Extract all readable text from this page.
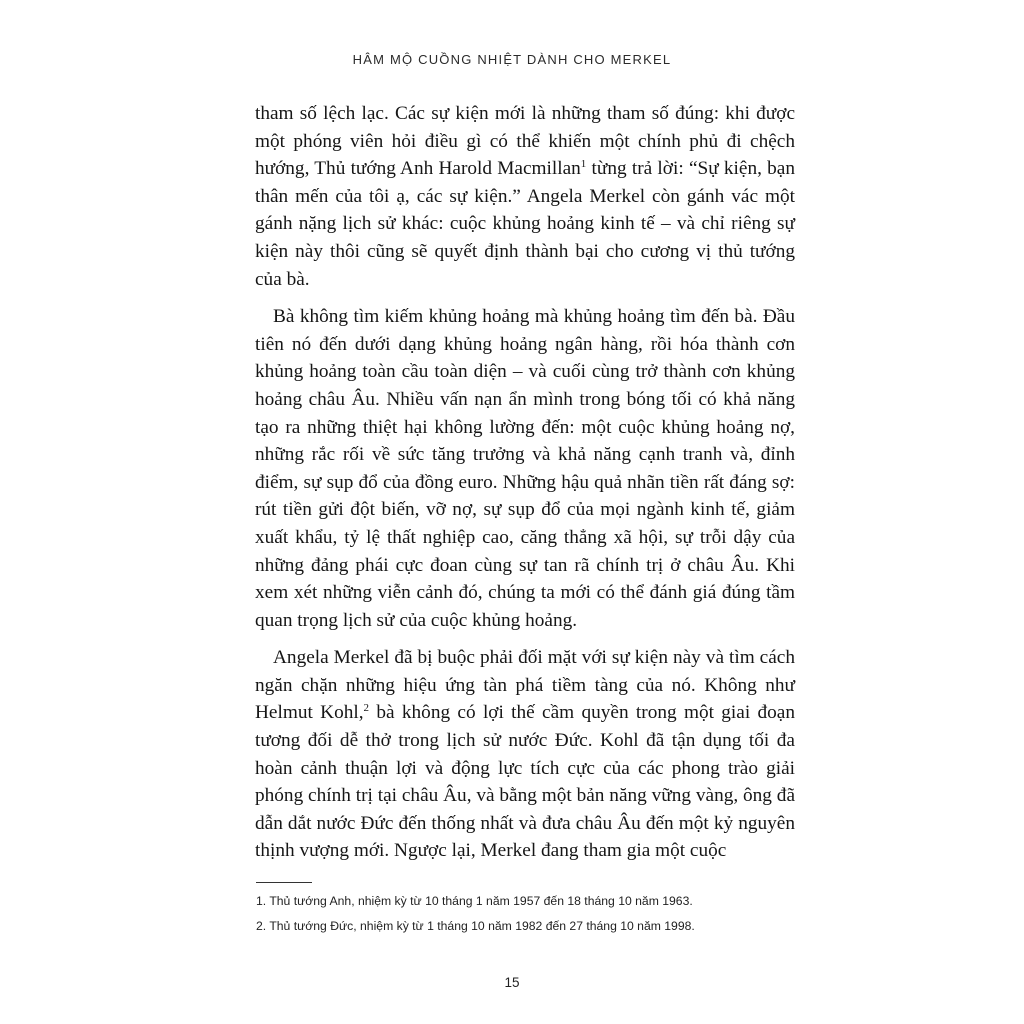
HÂM MỘ CUỒNG NHIỆT DÀNH CHO MERKEL

tham số lệch lạc. Các sự kiện mới là những tham số đúng: khi được một phóng viên hỏi điều gì có thể khiến một chính phủ đi chệch hướng, Thủ tướng Anh Harold Macmillan$^1$ từng trả lời: “Sự kiện, bạn thân mến của tôi ạ, các sự kiện.” Angela Merkel còn gánh vác một gánh nặng lịch sử khác: cuộc khủng hoảng kinh tế – và chỉ riêng sự kiện này thôi cũng sẽ quyết định thành bại cho cương vị thủ tướng của bà.

Bà không tìm kiếm khủng hoảng mà khủng hoảng tìm đến bà. Đầu tiên nó đến dưới dạng khủng hoảng ngân hàng, rồi hóa thành cơn khủng hoảng toàn cầu toàn diện – và cuối cùng trở thành cơn khủng hoảng châu Âu. Nhiều vấn nạn ẩn mình trong bóng tối có khả năng tạo ra những thiệt hại không lường đến: một cuộc khủng hoảng nợ, những rắc rối về sức tăng trưởng và khả năng cạnh tranh và, đỉnh điểm, sự sụp đổ của đồng euro. Những hậu quả nhãn tiền rất đáng sợ: rút tiền gửi đột biến, vỡ nợ, sự sụp đổ của mọi ngành kinh tế, giảm xuất khẩu, tỷ lệ thất nghiệp cao, căng thẳng xã hội, sự trỗi dậy của những đảng phái cực đoan cùng sự tan rã chính trị ở châu Âu. Khi xem xét những viễn cảnh đó, chúng ta mới có thể đánh giá đúng tầm quan trọng lịch sử của cuộc khủng hoảng.

Angela Merkel đã bị buộc phải đối mặt với sự kiện này và tìm cách ngăn chặn những hiệu ứng tàn phá tiềm tàng của nó. Không như Helmut Kohl,$^2$ bà không có lợi thế cầm quyền trong một giai đoạn tương đối dễ thở trong lịch sử nước Đức. Kohl đã tận dụng tối đa hoàn cảnh thuận lợi và động lực tích cực của các phong trào giải phóng chính trị tại châu Âu, và bằng một bản năng vững vàng, ông đã dẫn dắt nước Đức đến thống nhất và đưa châu Âu đến một kỷ nguyên thịnh vượng mới. Ngược lại, Merkel đang tham gia một cuộc

1. Thủ tướng Anh, nhiệm kỳ từ 10 tháng 1 năm 1957 đến 18 tháng 10 năm 1963.
2. Thủ tướng Đức, nhiệm kỳ từ 1 tháng 10 năm 1982 đến 27 tháng 10 năm 1998.
15
